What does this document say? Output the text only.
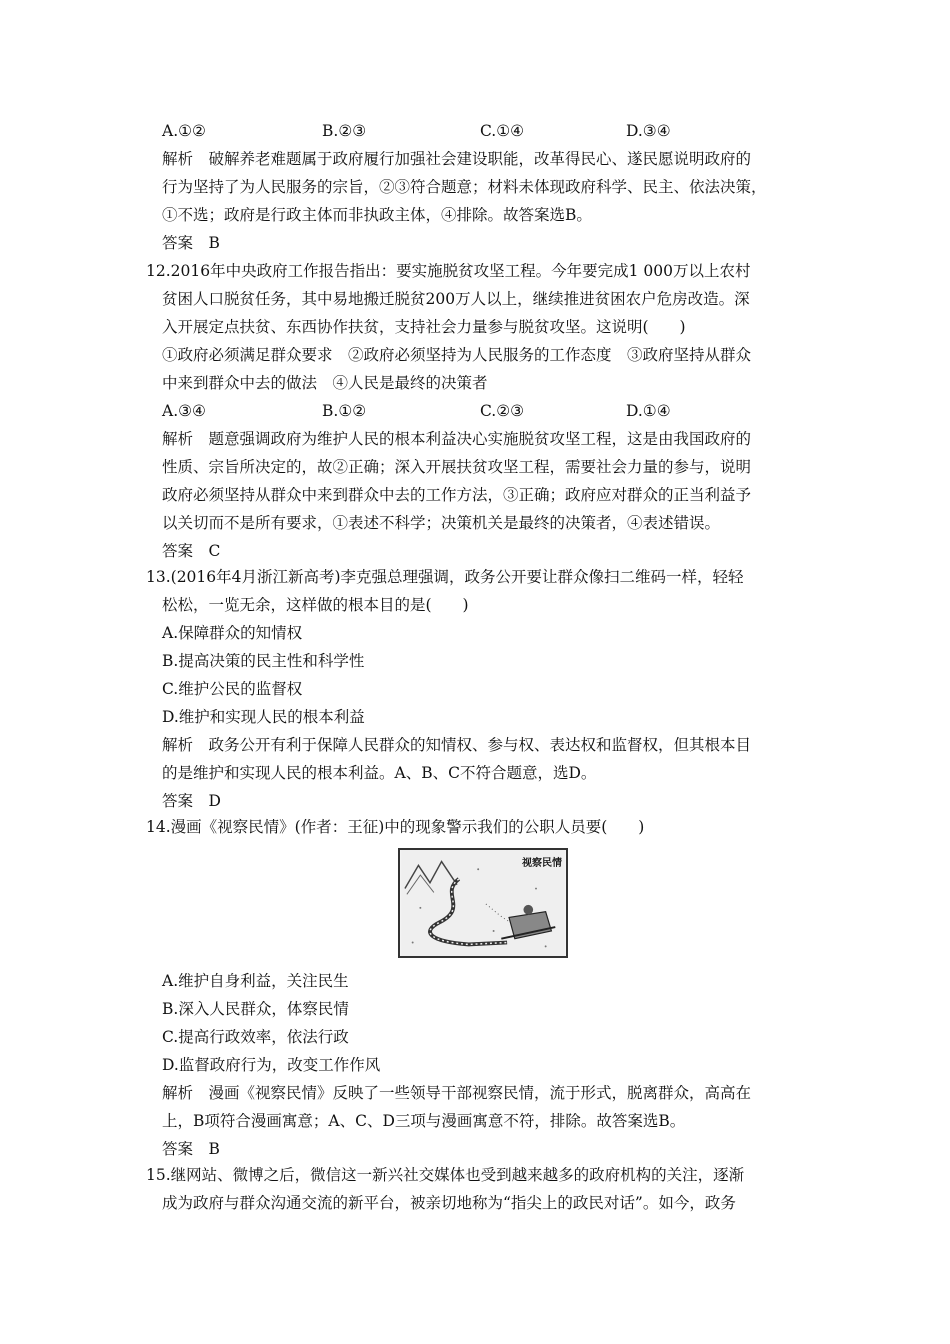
A.①②	B.②③	C.①④	D.③④
解析　破解养老难题属于政府履行加强社会建设职能，改革得民心、遂民愿说明政府的
行为坚持了为人民服务的宗旨，②③符合题意；材料未体现政府科学、民主、依法决策，
①不选；政府是行政主体而非执政主体，④排除。故答案选B。
答案　B
12.2016年中央政府工作报告指出：要实施脱贫攻坚工程。今年要完成1 000万以上农村
贫困人口脱贫任务，其中易地搬迁脱贫200万人以上，继续推进贫困农户危房改造。深
入开展定点扶贫、东西协作扶贫，支持社会力量参与脱贫攻坚。这说明(　　)
①政府必须满足群众要求　②政府必须坚持为人民服务的工作态度　③政府坚持从群众
中来到群众中去的做法　④人民是最终的决策者
A.③④	B.①②	C.②③	D.①④
解析　题意强调政府为维护人民的根本利益决心实施脱贫攻坚工程，这是由我国政府的
性质、宗旨所决定的，故②正确；深入开展扶贫攻坚工程，需要社会力量的参与，说明
政府必须坚持从群众中来到群众中去的工作方法，③正确；政府应对群众的正当利益予
以关切而不是所有要求，①表述不科学；决策机关是最终的决策者，④表述错误。
答案　C
13.(2016年4月浙江新高考)李克强总理强调，政务公开要让群众像扫二维码一样，轻轻
松松，一览无余，这样做的根本目的是(　　)
A.保障群众的知情权
B.提高决策的民主性和科学性
C.维护公民的监督权
D.维护和实现人民的根本利益
解析　政务公开有利于保障人民群众的知情权、参与权、表达权和监督权，但其根本目
的是维护和实现人民的根本利益。A、B、C不符合题意，选D。
答案　D
14.漫画《视察民情》(作者：王征)中的现象警示我们的公职人员要(　　)
视察民情
A.维护自身利益，关注民生
B.深入人民群众，体察民情
C.提高行政效率，依法行政
D.监督政府行为，改变工作作风
解析　漫画《视察民情》反映了一些领导干部视察民情，流于形式，脱离群众，高高在
上，B项符合漫画寓意；A、C、D三项与漫画寓意不符，排除。故答案选B。
答案　B
15.继网站、微博之后，微信这一新兴社交媒体也受到越来越多的政府机构的关注，逐渐
成为政府与群众沟通交流的新平台，被亲切地称为“指尖上的政民对话”。如今，政务
